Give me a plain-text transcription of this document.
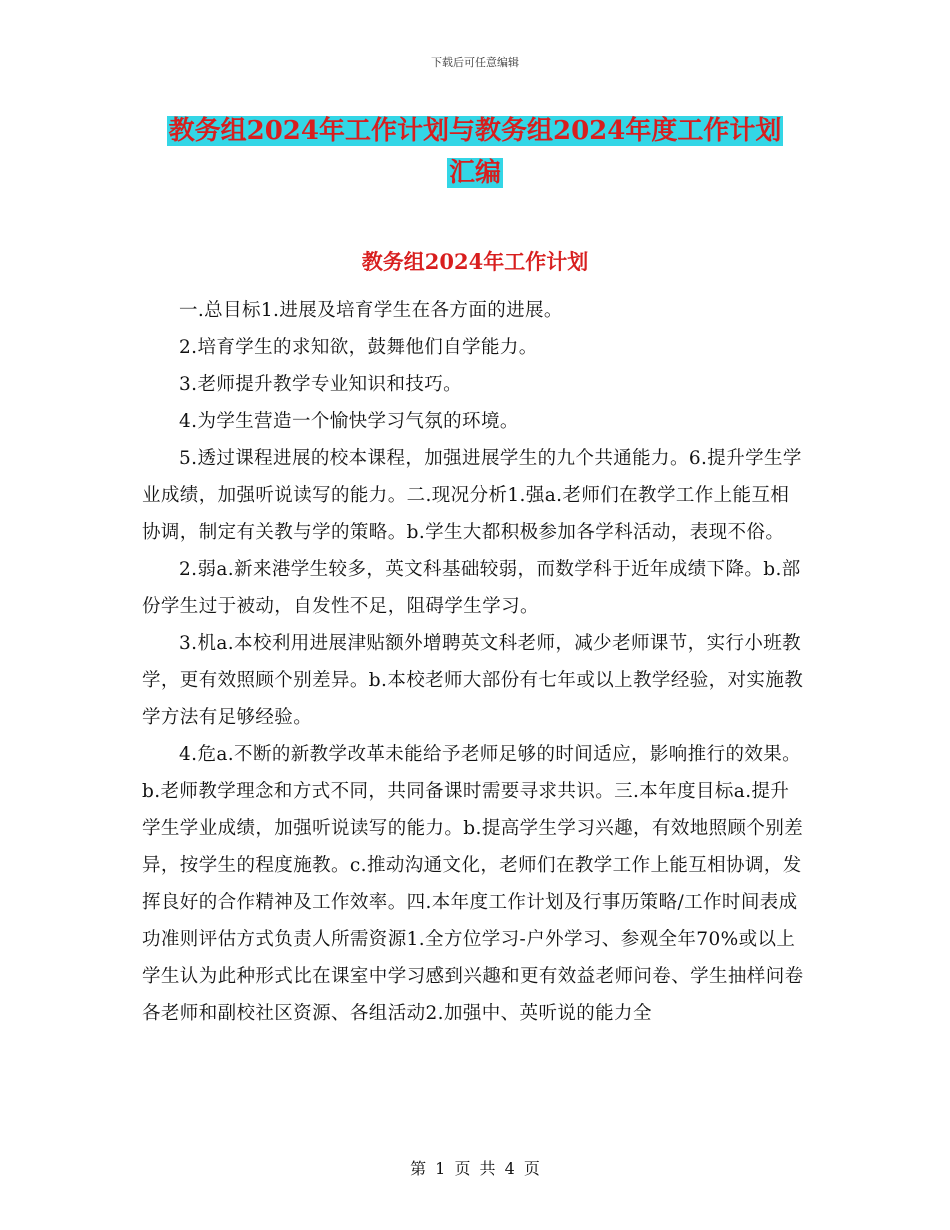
下载后可任意编辑
教务组2024年工作计划与教务组2024年度工作计划
汇编
教务组2024年工作计划

一.总目标1.进展及培育学生在各方面的进展。

2.培育学生的求知欲，鼓舞他们自学能力。

3.老师提升教学专业知识和技巧。

4.为学生营造一个愉快学习气氛的环境。

5.透过课程进展的校本课程，加强进展学生的九个共通能力。6.提升学生学业成绩，加强听说读写的能力。二.现况分析1.强a.老师们在教学工作上能互相协调，制定有关教与学的策略。b.学生大都积极参加各学科活动，表现不俗。

2.弱a.新来港学生较多，英文科基础较弱，而数学科于近年成绩下降。b.部份学生过于被动，自发性不足，阻碍学生学习。

3.机a.本校利用进展津贴额外增聘英文科老师，减少老师课节，实行小班教学，更有效照顾个别差异。b.本校老师大部份有七年或以上教学经验，对实施教学方法有足够经验。

4.危a.不断的新教学改革未能给予老师足够的时间适应，影响推行的效果。b.老师教学理念和方式不同，共同备课时需要寻求共识。三.本年度目标a.提升学生学业成绩，加强听说读写的能力。b.提高学生学习兴趣，有效地照顾个别差异，按学生的程度施教。c.推动沟通文化，老师们在教学工作上能互相协调，发挥良好的合作精神及工作效率。四.本年度工作计划及行事历策略/工作时间表成功准则评估方式负责人所需资源1.全方位学习-户外学习、参观全年70%或以上学生认为此种形式比在课室中学习感到兴趣和更有效益老师问卷、学生抽样问卷各老师和副校社区资源、各组活动2.加强中、英听说的能力全

第 1 页 共 4 页
